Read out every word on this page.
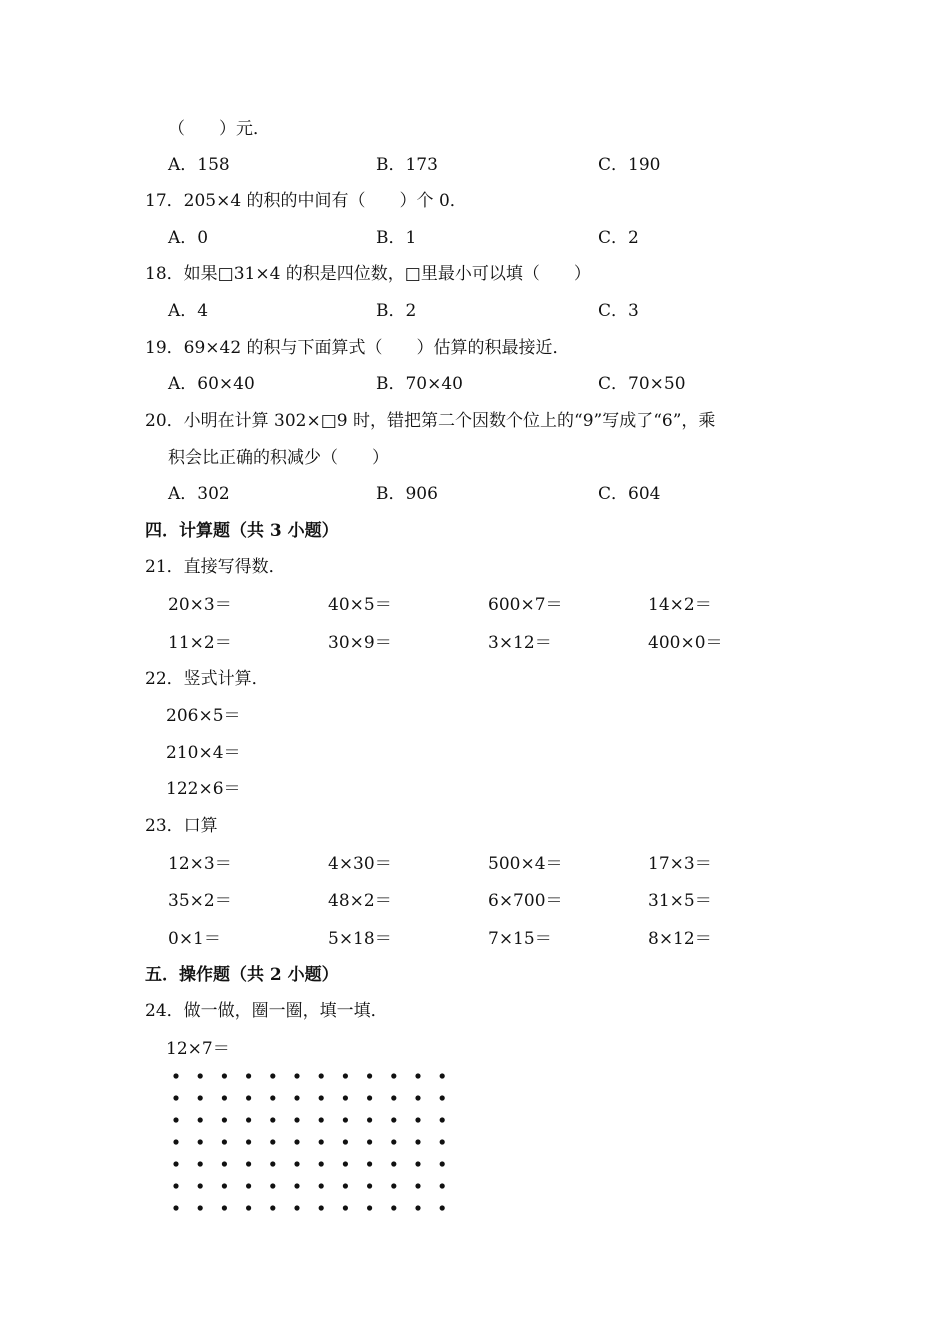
（　　）元．
A．158	B．173	C．190
17．205×4 的积的中间有（　　）个 0．
A．0	B．1	C．2
18．如果□31×4 的积是四位数，□里最小可以填（　　）
A．4	B．2	C．3
19．69×42 的积与下面算式（　　）估算的积最接近．
A．60×40	B．70×40	C．70×50
20．小明在计算 302×□9 时，错把第二个因数个位上的“9”写成了“6”，乘
积会比正确的积减少（　　）
A．302	B．906	C．604
四．计算题（共 3 小题）
21．直接写得数．
20×3＝	40×5＝	600×7＝	14×2＝
11×2＝	30×9＝	3×12＝	400×0＝
22．竖式计算．
206×5＝
210×4＝
122×6＝
23．口算
12×3＝	4×30＝	500×4＝	17×3＝
35×2＝	48×2＝	6×700＝	31×5＝
0×1＝	5×18＝	7×15＝	8×12＝
五．操作题（共 2 小题）
24．做一做，圈一圈，填一填．
12×7＝
